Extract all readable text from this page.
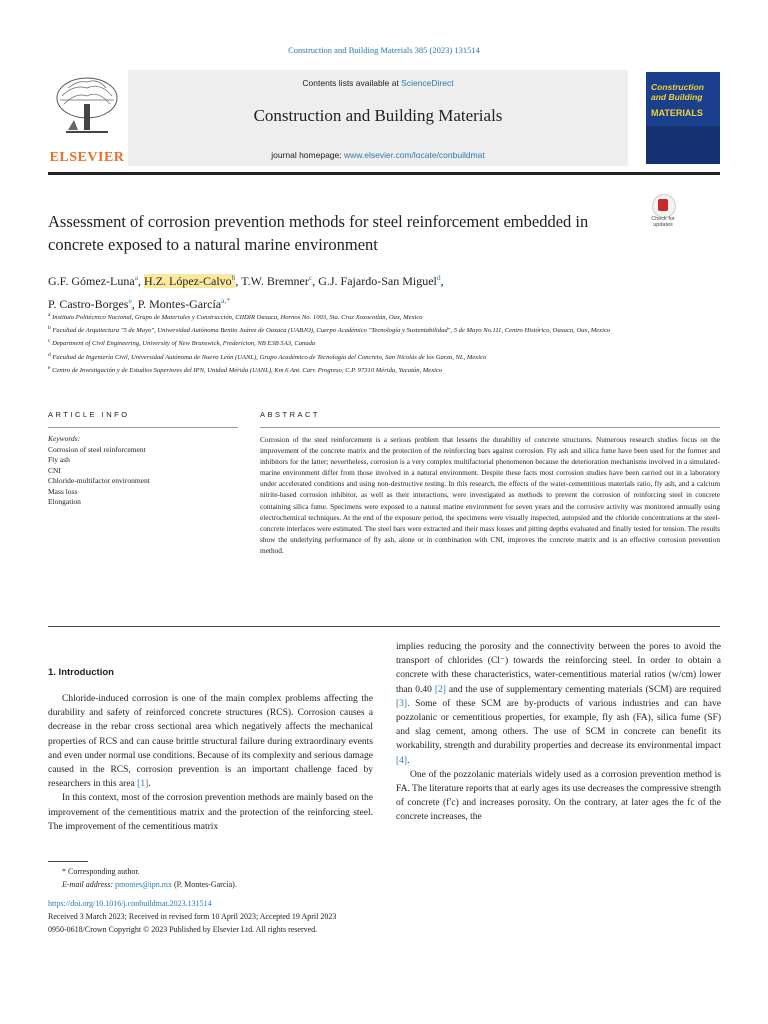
Construction and Building Materials 385 (2023) 131514
ELSEVIER
Contents lists available at ScienceDirect
Construction and Building Materials
journal homepage: www.elsevier.com/locate/conbuildmat
Construction and Building
MATERIALS
Assessment of corrosion prevention methods for steel reinforcement embedded in concrete exposed to a natural marine environment
Check for updates
G.F. Gómez-Luna$^a$, H.Z. López-Calvo$^b$, T.W. Bremner$^c$, G.J. Fajardo-San Miguel$^d$,
P. Castro-Borges$^e$, P. Montes-García$^{a,*}$
$^a$ Instituto Politécnico Nacional, Grupo de Materiales y Construcción, CIIDIR Oaxaca, Hornos No. 1003, Sta. Cruz Xoxocotlán, Oax, Mexico
$^b$ Facultad de Arquitectura "5 de Mayo", Universidad Autónoma Benito Juárez de Oaxaca (UABJO), Cuerpo Académico "Tecnología y Sustentabilidad", 5 de Mayo No.111, Centro Histórico, Oaxaca, Oax, Mexico
$^c$ Department of Civil Engineering, University of New Brunswick, Fredericton, NB E3B 5A3, Canada
$^d$ Facultad de Ingeniería Civil, Universidad Autónoma de Nuevo León (UANL), Grupo Académico de Tecnología del Concreto, San Nicolás de los Garza, NL, Mexico
$^e$ Centro de Investigación y de Estudios Superiores del IPN, Unidad Mérida (UANL), Km 6 Ant. Carr. Progreso, C.P. 97310 Mérida, Yucatán, Mexico
ARTICLE INFO	ABSTRACT
Keywords:
Corrosion of steel reinforcement
Fly ash
CNI
Chloride-multifactor environment
Mass loss
Elongation
Corrosion of the steel reinforcement is a serious problem that lessens the durability of concrete structures. Numerous research studies focus on the improvement of the concrete matrix and the protection of the reinforcing bars against corrosion. Fly ash and silica fume have been used for the former and inhibitors for the latter; nevertheless, corrosion is a very complex multifactorial phenomenon because the deterioration mechanisms involved in a simulated-marine environment differ from those involved in a natural environment. Despite these facts most corrosion studies have been carried out in a laboratory under accelerated conditions and using non-destructive testing. In this research, the effects of the water-cementitious materials ratio, fly ash, and a calcium nitrite-based corrosion inhibitor, as well as their interactions, were investigated as methods to prevent the corrosion of reinforcing steel in concrete containing silica fume. Specimens were exposed to a natural marine environment for seven years and the corrosive activity was monitored annually using electrochemical techniques. At the end of the exposure period, the specimens were visually inspected, autopsied and the chloride concentrations at the steel-concrete interfaces were estimated. The steel bars were extracted and their mass losses and pitting depths evaluated and finally tested for tension. The results show the underlying performance of fly ash, alone or in combination with CNI, improves the concrete matrix and is an effective corrosion prevention method.
1. Introduction

Chloride-induced corrosion is one of the main complex problems affecting the durability and safety of reinforced concrete structures (RCS). Corrosion causes a decrease in the rebar cross sectional area which negatively affects the mechanical properties of RCS and can cause brittle structural failure during extraordinary events and even under normal use conditions. Because of its complexity and serious damage caused in the RCS, corrosion prevention is an important challenge faced by researchers in this area [1].

In this context, most of the corrosion prevention methods are mainly based on the improvement of the cementitious matrix and the protection of the reinforcing steel. The improvement of the cementitious matrix

implies reducing the porosity and the connectivity between the pores to avoid the transport of chlorides (Cl⁻) towards the reinforcing steel. In order to obtain a concrete with these characteristics, water-cementitious material ratios (w/cm) lower than 0.40 [2] and the use of supplementary cementing materials (SCM) are required [3]. Some of these SCM are by-products of various industries and can have pozzolanic or cementitious properties, for example, fly ash (FA), silica fume (SF) and slag cement, among others. The use of SCM in concrete can benefit its workability, strength and durability properties and decrease its environmental impact [4].

One of the pozzolanic materials widely used as a corrosion prevention method is FA. The literature reports that at early ages its use decreases the compressive strength of concrete (f′c) and increases porosity. On the contrary, at later ages the fc of the concrete increases, the

* Corresponding author.
E-mail address: pmontes@ipn.mx (P. Montes-García).
https://doi.org/10.1016/j.conbuildmat.2023.131514
Received 3 March 2023; Received in revised form 10 April 2023; Accepted 19 April 2023
0950-0618/Crown Copyright © 2023 Published by Elsevier Ltd. All rights reserved.
